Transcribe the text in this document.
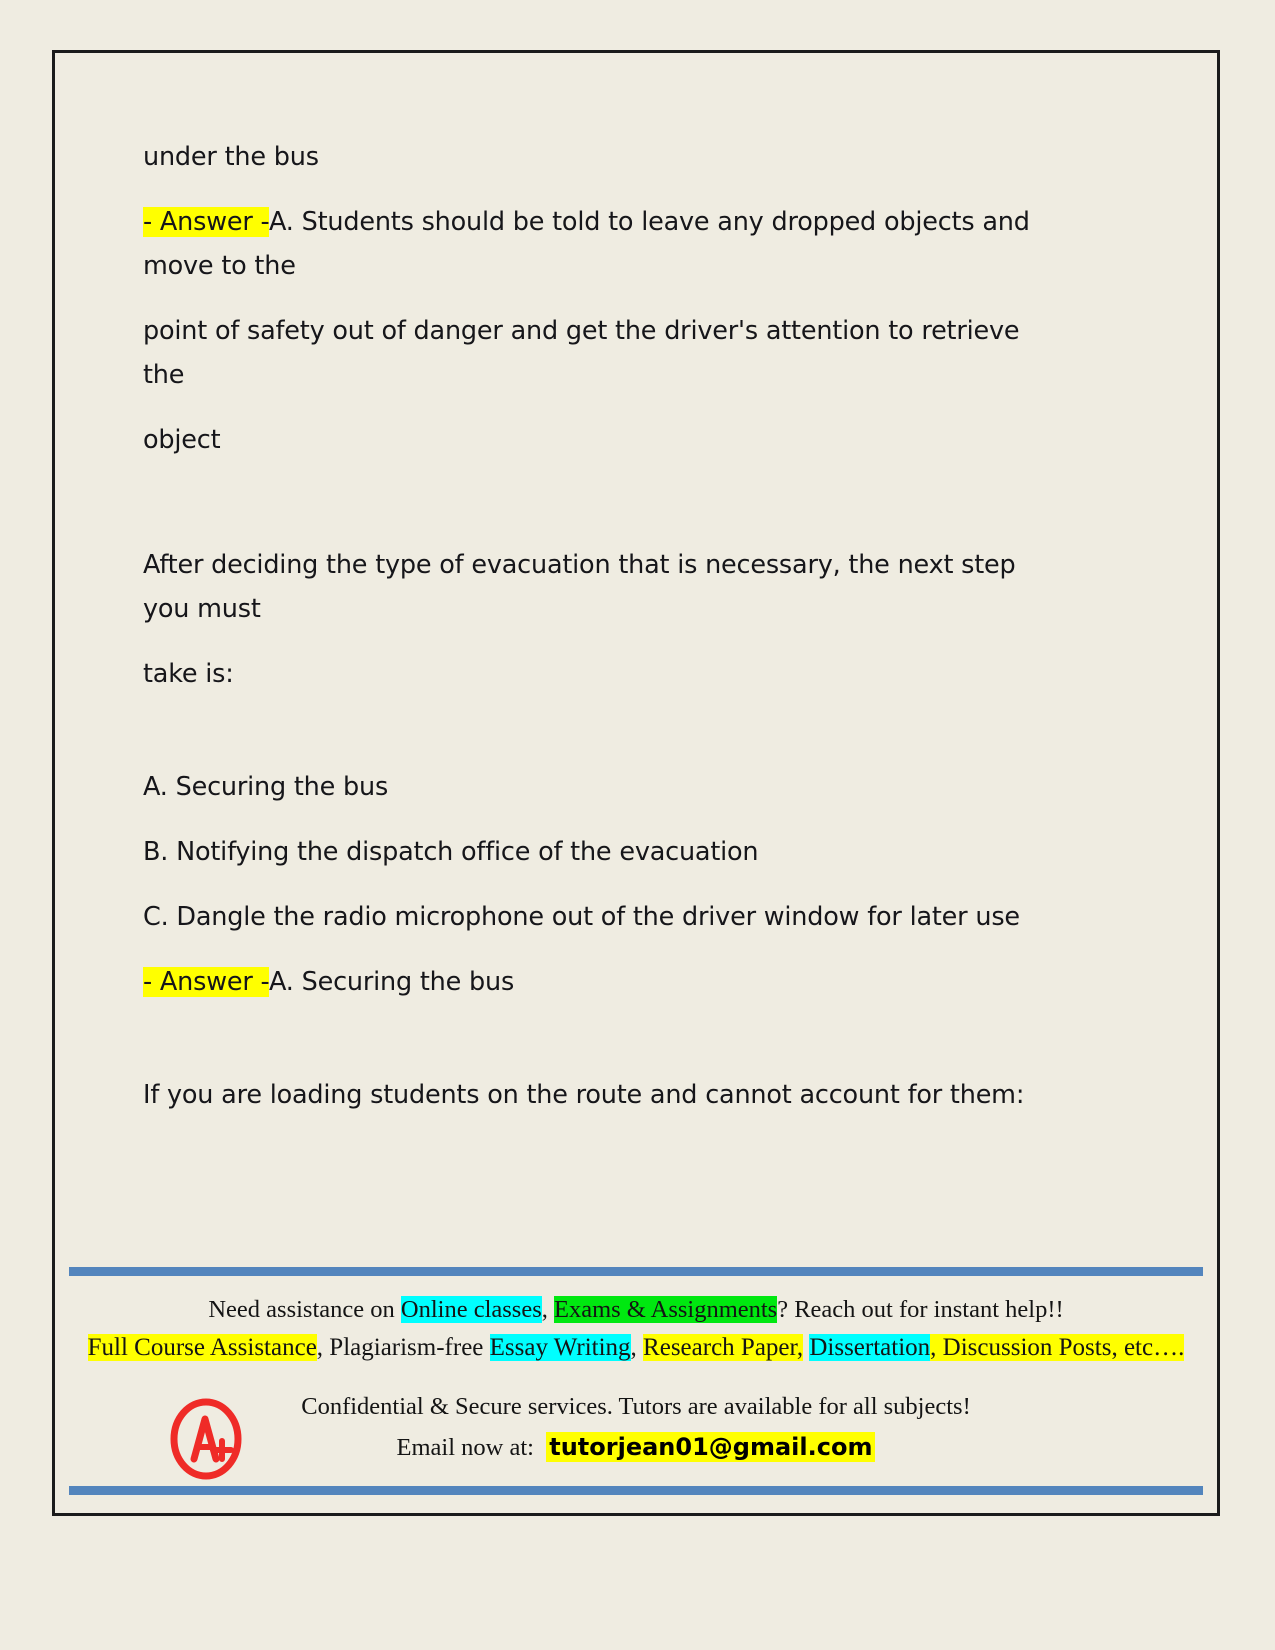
under the bus

- Answer -A. Students should be told to leave any dropped objects and move to the

point of safety out of danger and get the driver's attention to retrieve the

object

After deciding the type of evacuation that is necessary, the next step you must

take is:

A. Securing the bus

B. Notifying the dispatch office of the evacuation

C. Dangle the radio microphone out of the driver window for later use

- Answer -A. Securing the bus

If you are loading students on the route and cannot account for them:

Need assistance on Online classes, Exams & Assignments? Reach out for instant help!!
Full Course Assistance, Plagiarism-free Essay Writing, Research Paper, Dissertation, Discussion Posts, etc….
Confidential & Secure services. Tutors are available for all subjects!
Email now at: tutorjean01@gmail.com
